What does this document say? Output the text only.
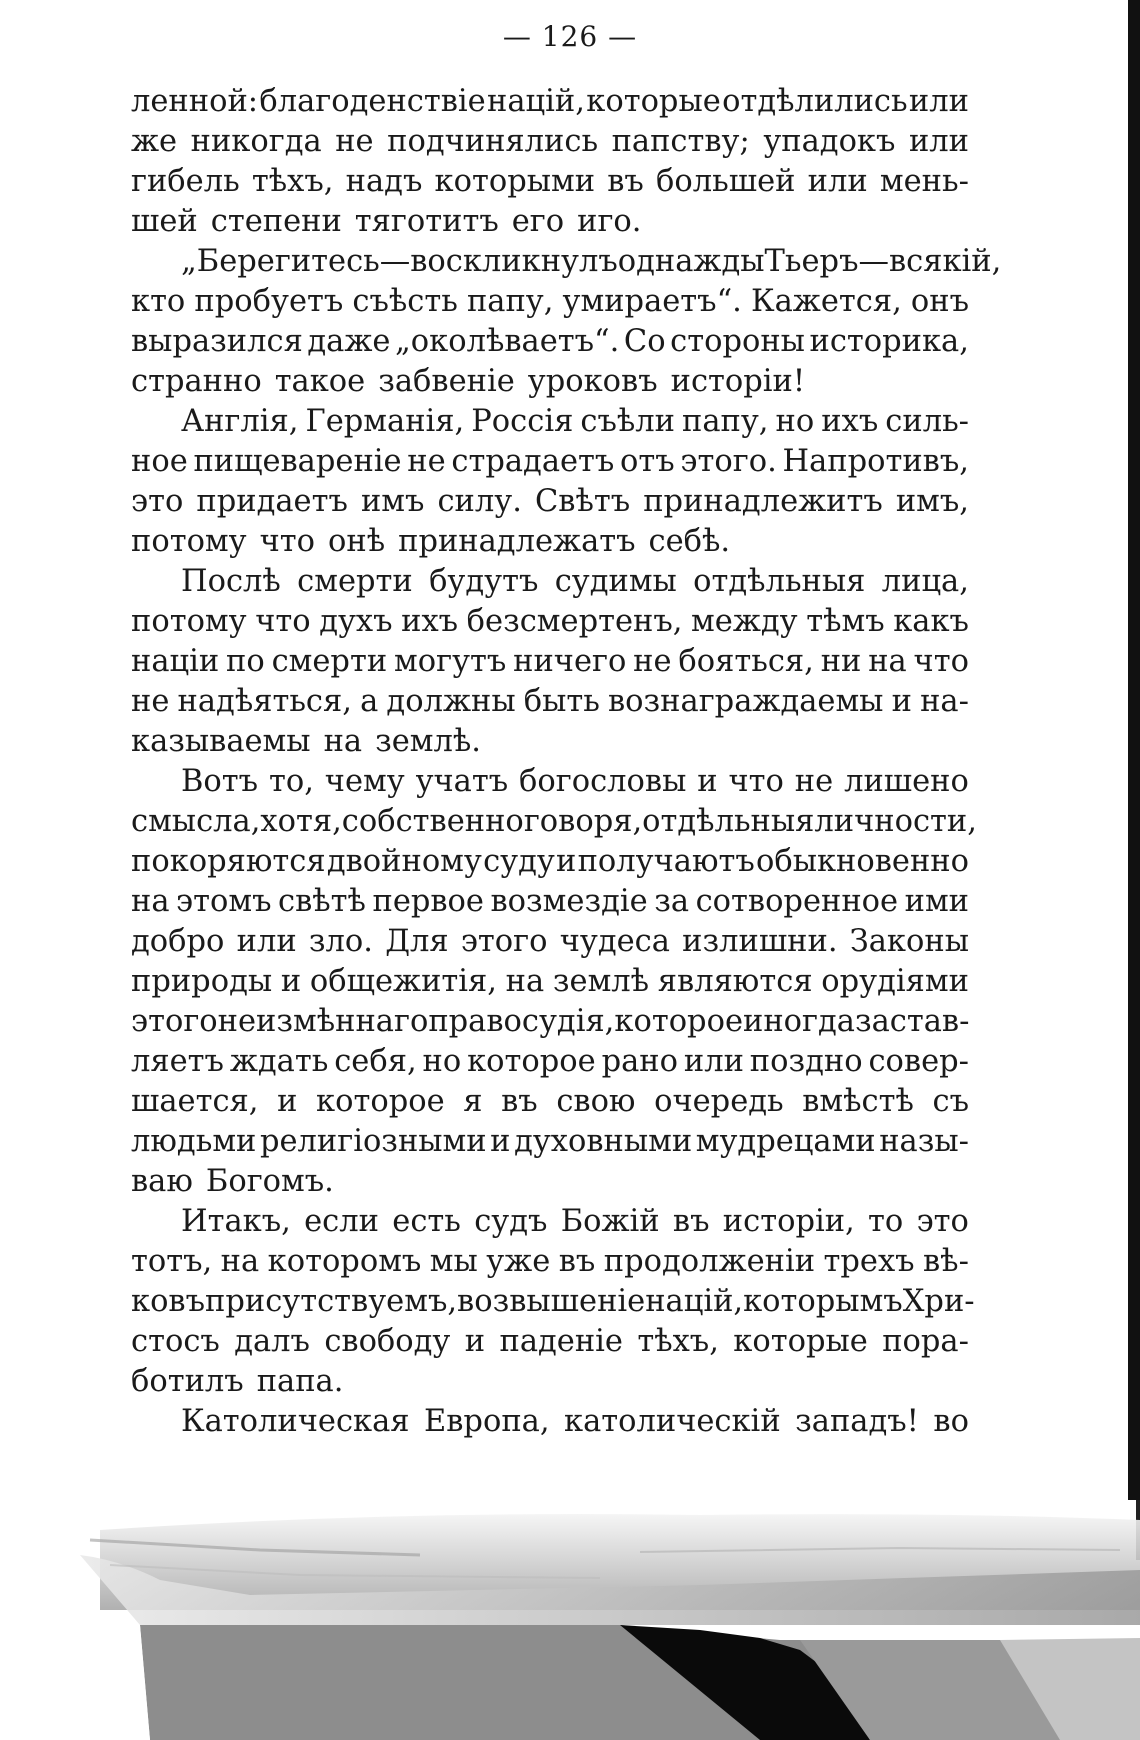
— 126 —
ленной: благоденствіе націй, которые отдѣлились или
же никогда не подчинялись папству; упадокъ или
гибель тѣхъ, надъ которыми въ большей или мень-
шей степени тяготитъ его иго.
„Берегитесь—воскликнулъ однажды Тьеръ—всякій,
кто пробуетъ съѣсть папу, умираетъ“. Кажется, онъ
выразился даже „околѣваетъ“. Со стороны историка,
странно такое забвеніе уроковъ исторіи!
Англія, Германія, Россія съѣли папу, но ихъ силь-
ное пищевареніе не страдаетъ отъ этого. Напротивъ,
это придаетъ имъ силу. Свѣтъ принадлежитъ имъ,
потому что онѣ принадлежатъ себѣ.
Послѣ смерти будутъ судимы отдѣльныя лица,
потому что духъ ихъ безсмертенъ, между тѣмъ какъ
націи по смерти могутъ ничего не бояться, ни на что
не надѣяться, а должны быть вознаграждаемы и на-
казываемы на землѣ.
Вотъ то, чему учатъ богословы и что не лишено
смысла, хотя, собственно говоря, отдѣльныя личности,
покоряются двойному суду и получаютъ обыкновенно
на этомъ свѣтѣ первое возмездіе за сотворенное ими
добро или зло. Для этого чудеса излишни. Законы
природы и общежитія, на землѣ являются орудіями
этого неизмѣннаго правосудія, которое иногда застав-
ляетъ ждать себя, но которое рано или поздно совер-
шается, и которое я въ свою очередь вмѣстѣ съ
людьми религіозными и духовными мудрецами назы-
ваю Богомъ.
Итакъ, если есть судъ Божій въ исторіи, то это
тотъ, на которомъ мы уже въ продолженіи трехъ вѣ-
ковъ присутствуемъ, возвышеніе націй, которымъ Хри-
стосъ далъ свободу и паденіе тѣхъ, которые пора-
ботилъ папа.
Католическая Европа, католическій западъ! во
